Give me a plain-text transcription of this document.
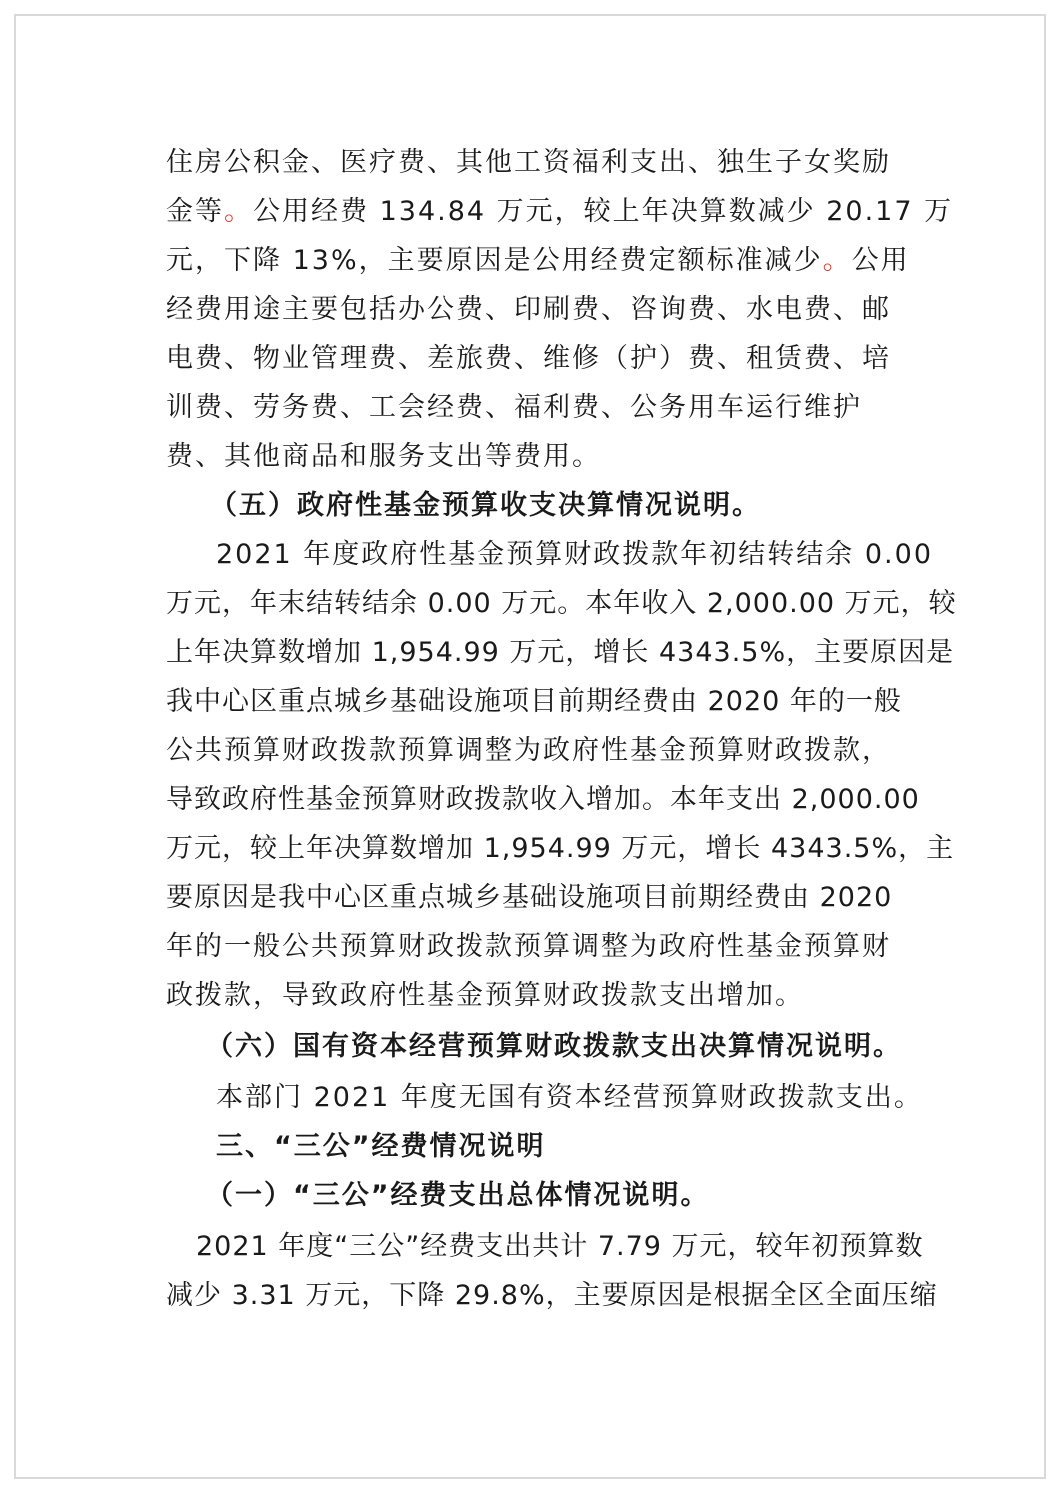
住房公积金、医疗费、其他工资福利支出、独生子女奖励
金等。公用经费 134.84 万元，较上年决算数减少 20.17 万
元，下降 13%，主要原因是公用经费定额标准减少。公用
经费用途主要包括办公费、印刷费、咨询费、水电费、邮
电费、物业管理费、差旅费、维修（护）费、租赁费、培
训费、劳务费、工会经费、福利费、公务用车运行维护
费、其他商品和服务支出等费用。
（五）政府性基金预算收支决算情况说明。
2021 年度政府性基金预算财政拨款年初结转结余 0.00
万元，年末结转结余 0.00 万元。本年收入 2,000.00 万元，较
上年决算数增加 1,954.99 万元，增长 4343.5%，主要原因是
我中心区重点城乡基础设施项目前期经费由 2020 年的一般
公共预算财政拨款预算调整为政府性基金预算财政拨款，
导致政府性基金预算财政拨款收入增加。本年支出 2,000.00
万元，较上年决算数增加 1,954.99 万元，增长 4343.5%，主
要原因是我中心区重点城乡基础设施项目前期经费由 2020
年的一般公共预算财政拨款预算调整为政府性基金预算财
政拨款，导致政府性基金预算财政拨款支出增加。
（六）国有资本经营预算财政拨款支出决算情况说明。
本部门 2021 年度无国有资本经营预算财政拨款支出。
三、“三公”经费情况说明
（一）“三公”经费支出总体情况说明。
2021 年度“三公”经费支出共计 7.79 万元，较年初预算数
减少 3.31 万元，下降 29.8%，主要原因是根据全区全面压缩
